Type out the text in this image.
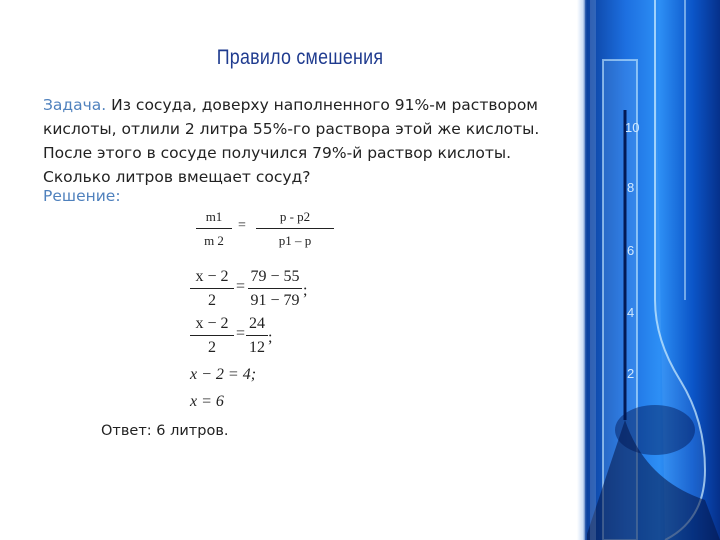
10
8
6
4
2
Правило смешения
Задача. Из сосуда, доверху наполненного 91%-м раствором кислоты, отлили 2 литра 55%-го раствора этой же кислоты. После этого в сосуде получился 79%-й раствор кислоты. Сколько литров вмещает сосуд?
Решение:
$\frac{m1}{m 2} = \frac{p - p2}{p1 - p}$
$\frac{x - 2}{2} = \frac{79 - 55}{91 - 79}$ ;
$\frac{x - 2}{2} = \frac{24}{12}$ ;
x − 2 = 4;
x = 6
Ответ: 6 литров.
